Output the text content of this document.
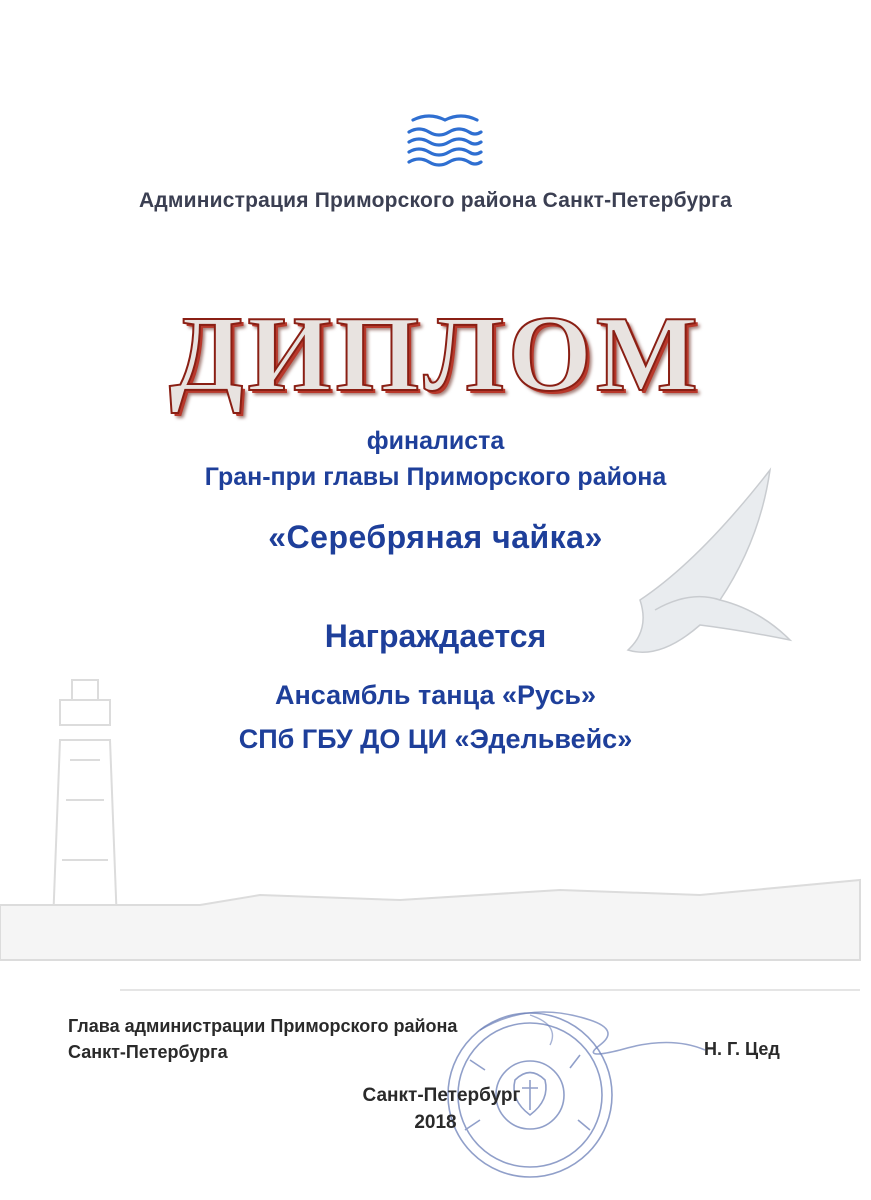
Администрация Приморского района Санкт-Петербурга
ДИПЛОМ
финалиста
Гран-при главы Приморского района
«Серебряная чайка»
Награждается
Ансамбль танца «Русь»
СПб ГБУ ДО ЦИ «Эдельвейс»
Глава администрации Приморского района
Санкт-Петербурга	Н. Г. Цед
Санкт-Петербург
2018
